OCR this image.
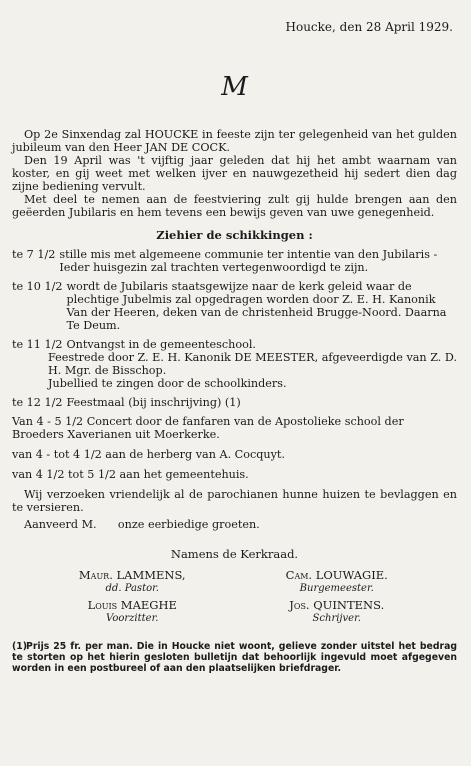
Houcke, den 28 April 1929.
M

Op 2e Sinxendag zal HOUCKE in feeste zijn ter gelegenheid van het gulden jubileum van den Heer JAN DE COCK.

Den 19 April was 't vijftig jaar geleden dat hij het ambt waarnam van koster, en gij weet met welken ijver en nauwgezetheid hij sedert dien dag zijne bediening vervult.

Met deel te nemen aan de feestviering zult gij hulde brengen aan den geëerden Jubilaris en hem tevens een bewijs geven van uwe genegenheid.

Ziehier de schikkingen :
te 7 1/2 stille mis met algemeene communie ter intentie van den Jubilaris - Ieder huisgezin zal trachten vertegenwoordigd te zijn.
te 10 1/2 wordt de Jubilaris staatsgewijze naar de kerk geleid waar de plechtige Jubelmis zal opgedragen worden door Z. E. H. Kanonik Van der Heeren, deken van de christenheid Brugge-Noord. Daarna Te Deum.
te 11 1/2 Ontvangst in de gemeenteschool.
Feestrede door Z. E. H. Kanonik DE MEESTER, afgeveerdigde van Z. D. H. Mgr. de Bisschop.
Jubellied te zingen door de schoolkinders.
te 12 1/2 Feestmaal (bij inschrijving) (1)

Van 4 - 5 1/2 Concert door de fanfaren van de Apostolieke school der Broeders Xaverianen uit Moerkerke.

van 4 - tot 4 1/2 aan de herberg van A. Cocquyt.

van 4 1/2 tot 5 1/2 aan het gemeentehuis.

Wij verzoeken vriendelijk al de parochianen hunne huizen te bevlaggen en te versieren.

Aanveerd M.      onze eerbiedige groeten.
Namens de Kerkraad.
Maur. LAMMENS,
dd. Pastor.
Cam. LOUWAGIE.
Burgemeester.
Louis MAEGHE
Voorzitter.
Jos. QUINTENS.
Schrijver.

(1)Prijs 25 fr. per man. Die in Houcke niet woont, gelieve zonder uitstel het bedrag te storten op het hierin gesloten bulletijn dat behoorlijk ingevuld moet afgegeven worden in een postbureel of aan den plaatselijken briefdrager.
